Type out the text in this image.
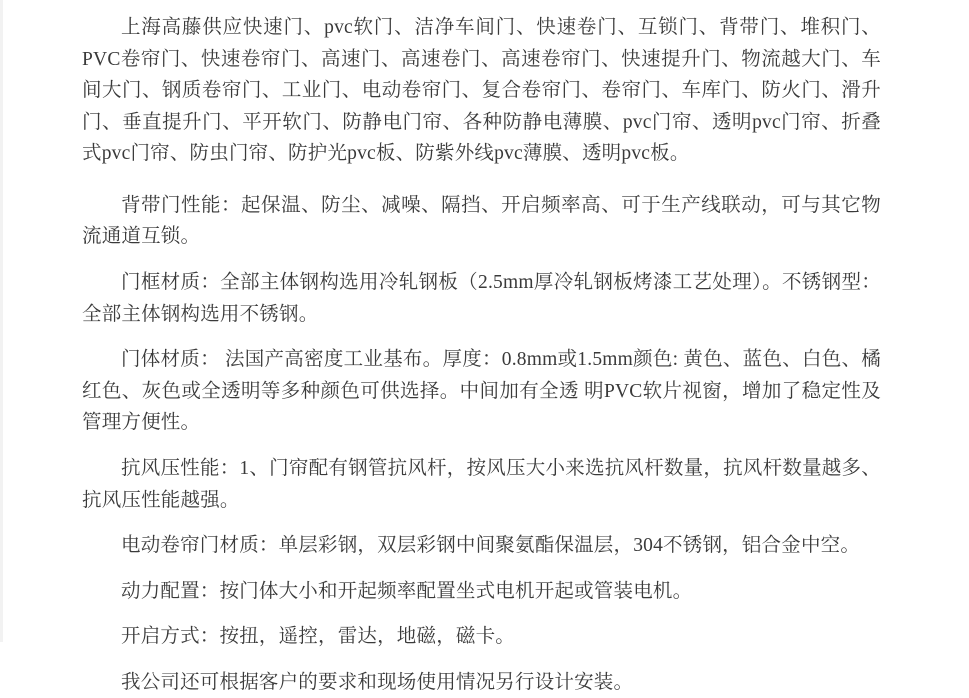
上海高藤供应快速门、pvc软门、洁净车间门、快速卷门、互锁门、背带门、堆积门、PVC卷帘门、快速卷帘门、高速门、高速卷门、高速卷帘门、快速提升门、物流越大门、车间大门、钢质卷帘门、工业门、电动卷帘门、复合卷帘门、卷帘门、车库门、防火门、滑升门、垂直提升门、平开软门、防静电门帘、各种防静电薄膜、pvc门帘、透明pvc门帘、折叠式pvc门帘、防虫门帘、防护光pvc板、防紫外线pvc薄膜、透明pvc板。

背带门性能：起保温、防尘、减噪、隔挡、开启频率高、可于生产线联动，可与其它物流通道互锁。

门框材质：全部主体钢构选用冷轧钢板（2.5mm厚冷轧钢板烤漆工艺处理）。不锈钢型：全部主体钢构选用不锈钢。

门体材质： 法国产高密度工业基布。厚度：0.8mm或1.5mm颜色: 黄色、蓝色、白色、橘红色、灰色或全透明等多种颜色可供选择。中间加有全透 明PVC软片视窗，增加了稳定性及管理方便性。

抗风压性能：1、门帘配有钢管抗风杆，按风压大小来选抗风杆数量，抗风杆数量越多、抗风压性能越强。

电动卷帘门材质：单层彩钢，双层彩钢中间聚氨酯保温层，304不锈钢，铝合金中空。

动力配置：按门体大小和开起频率配置坐式电机开起或管装电机。

开启方式：按扭，遥控，雷达，地磁，磁卡。

我公司还可根据客户的要求和现场使用情况另行设计安装。
